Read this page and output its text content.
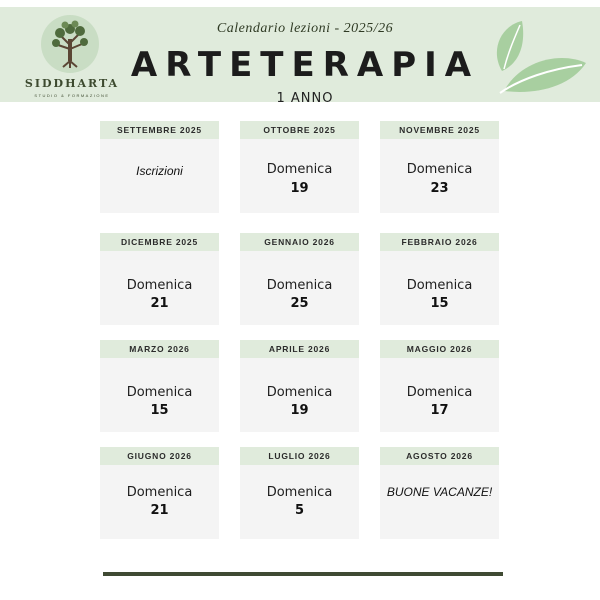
SIDDHARTA
STUDIO & FORMAZIONE
Calendario lezioni - 2025/26
ARTETERAPIA
1 ANNO
SETTEMBRE 2025
Iscrizioni
OTTOBRE 2025
Domenica
19
NOVEMBRE 2025
Domenica
23
DICEMBRE 2025
Domenica
21
GENNAIO 2026
Domenica
25
FEBBRAIO 2026
Domenica
15
MARZO 2026
Domenica
15
APRILE 2026
Domenica
19
MAGGIO 2026
Domenica
17
GIUGNO 2026
Domenica
21
LUGLIO 2026
Domenica
5
AGOSTO 2026
BUONE VACANZE!
